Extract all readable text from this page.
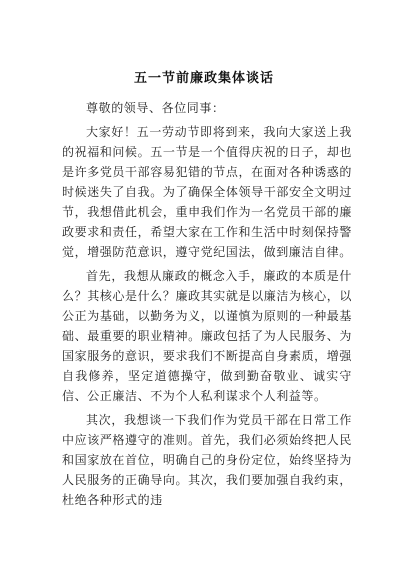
五一节前廉政集体谈话

尊敬的领导、各位同事：

大家好！五一劳动节即将到来，我向大家送上我的祝福和问候。五一节是一个值得庆祝的日子，却也是许多党员干部容易犯错的节点，在面对各种诱惑的时候迷失了自我。为了确保全体领导干部安全文明过节，我想借此机会，重申我们作为一名党员干部的廉政要求和责任，希望大家在工作和生活中时刻保持警觉，增强防范意识，遵守党纪国法，做到廉洁自律。

首先，我想从廉政的概念入手，廉政的本质是什么？其核心是什么？廉政其实就是以廉洁为核心，以公正为基础，以勤务为义，以谨慎为原则的一种最基础、最重要的职业精神。廉政包括了为人民服务、为国家服务的意识，要求我们不断提高自身素质，增强自我修养，坚定道德操守，做到勤奋敬业、诚实守信、公正廉洁、不为个人私利谋求个人利益等。

其次，我想谈一下我们作为党员干部在日常工作中应该严格遵守的准则。首先，我们必须始终把人民和国家放在首位，明确自己的身份定位，始终坚持为人民服务的正确导向。其次，我们要加强自我约束，杜绝各种形式的违
